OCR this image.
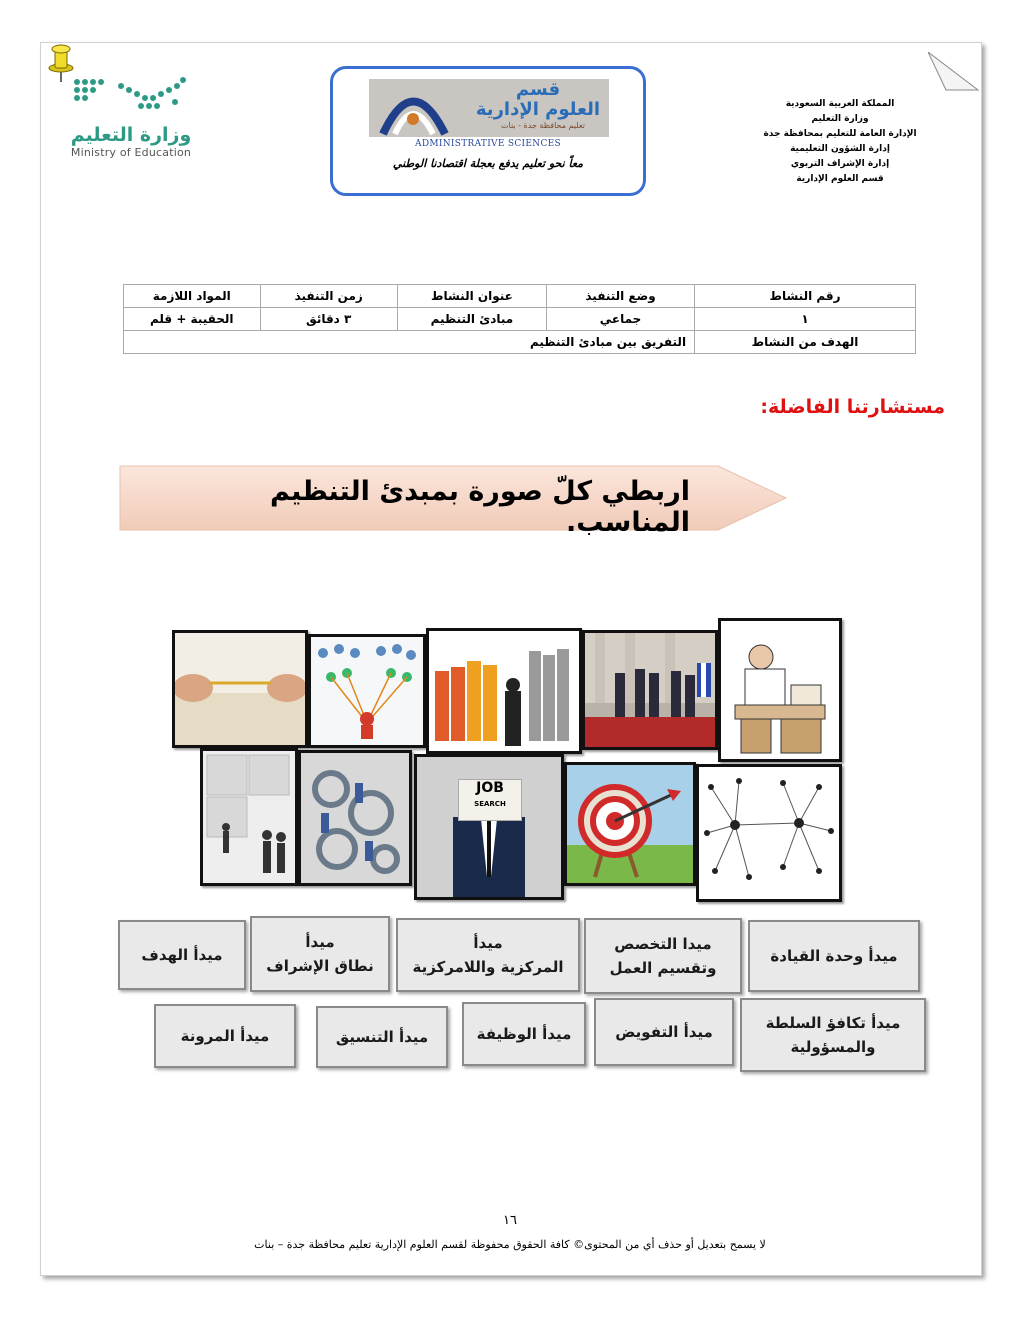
وزارة التعليم
Ministry of Education
قسم
العلوم الإدارية
تعليم محافظة جدة - بنات
ADMINISTRATIVE SCIENCES
معاً نحو تعليم يدفع بعجلة اقتصادنا الوطني
المملكة العربية السعودية
وزارة التعليم
الإدارة العامة للتعليم بمحافظة جدة
إدارة الشؤون التعليمية
إدارة الإشراف التربوي
قسم العلوم الإدارية
رقم النشاط	وضع التنفيذ	عنوان النشاط	زمن التنفيذ	المواد اللازمة
١	جماعي	مبادئ التنظيم	٣ دقائق	الحقيبة + قلم
الهدف من النشاط	التفريق بين مبادئ التنظيم			
مستشارتنا الفاضلة:
اربطي كلّ صورة بمبدئ التنظيم المناسب.
JOB
SEARCH
ميدأ وحدة القيادة
ميدا التخصص
وتقسيم العمل
ميدأ
المركزية واللامركزية
ميدأ
نطاق الإشراف
ميدأ الهدف
ميدأ تكافؤ السلطة
والمسؤولية
ميدأ التفويض
ميدأ الوظيفة
ميدأ التنسيق
ميدأ المرونة
١٦
لا يسمح بتعديل أو حذف أي من المحتوى© كافة الحقوق محفوظة لقسم العلوم الإدارية تعليم محافظة جدة – بنات
